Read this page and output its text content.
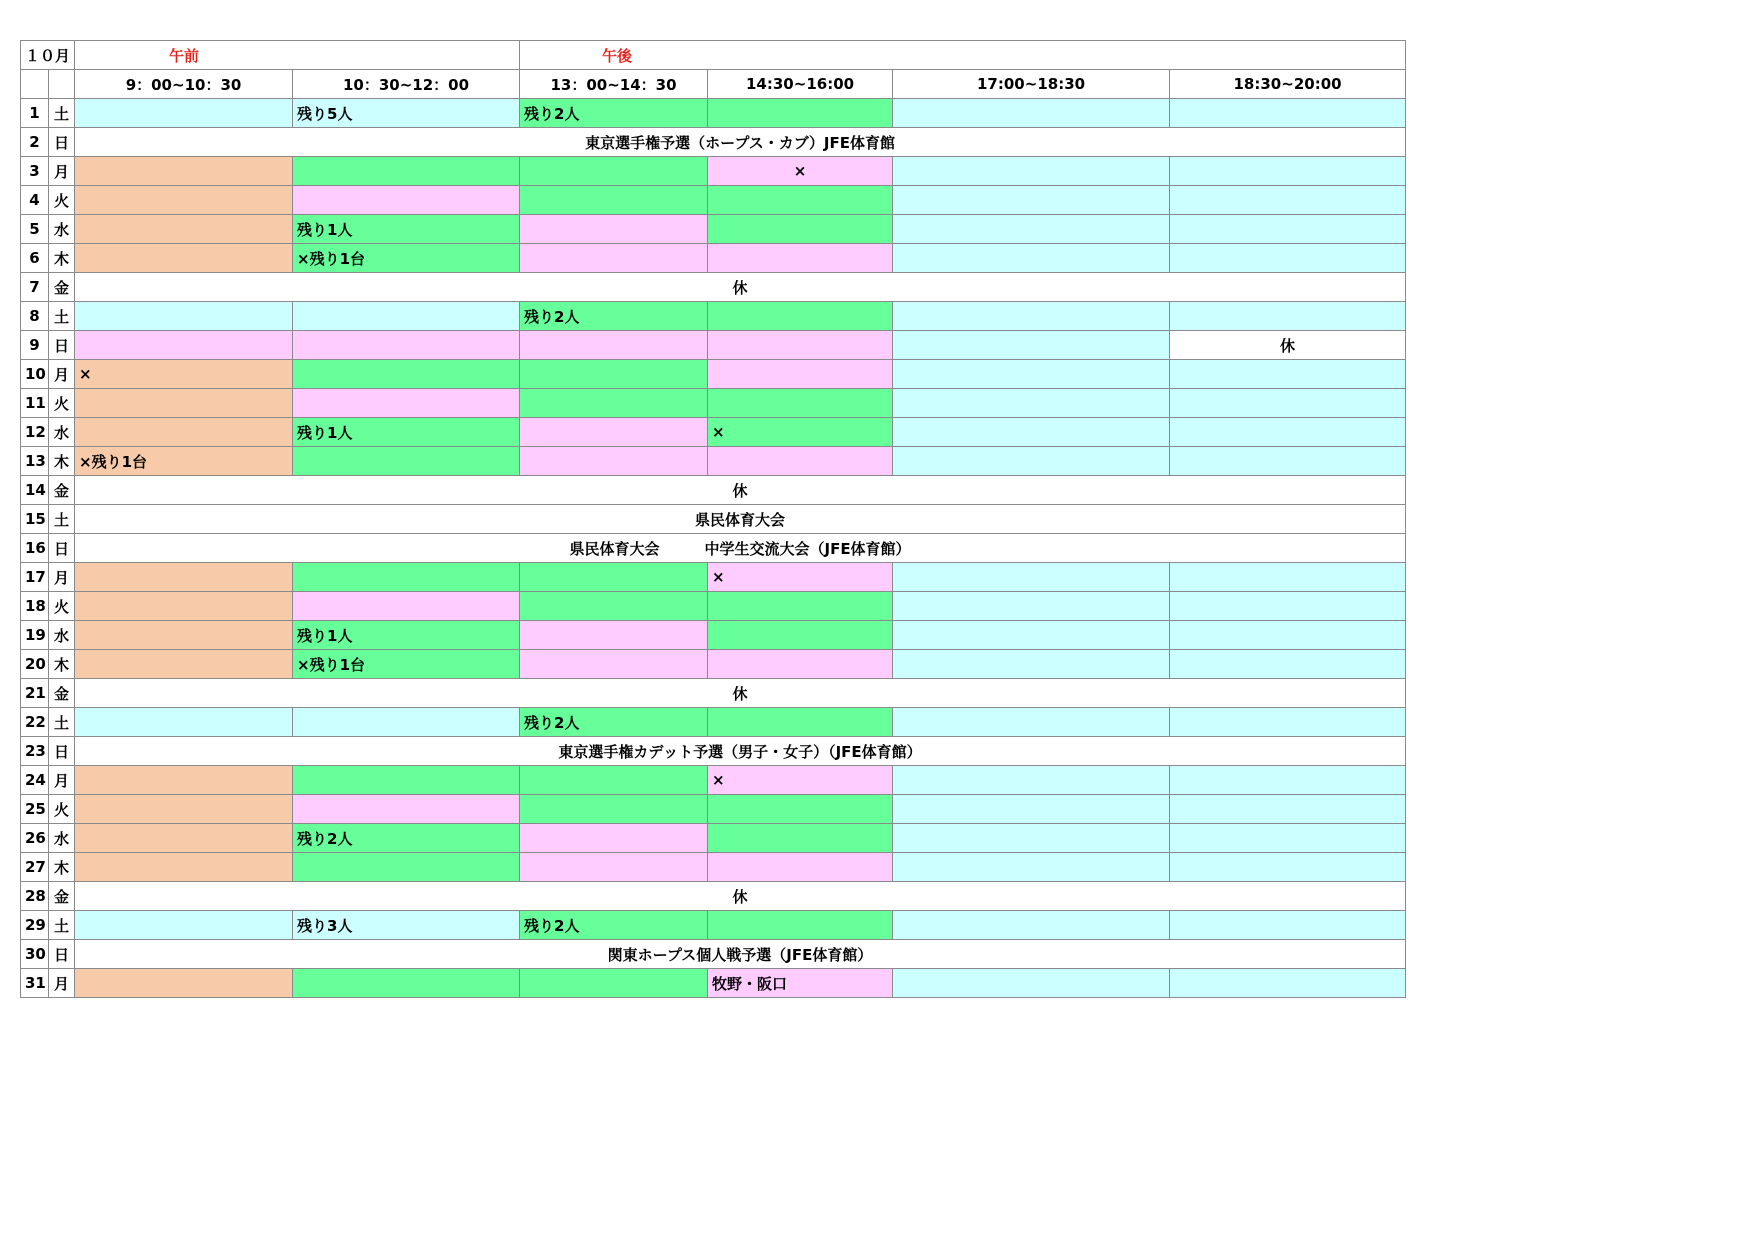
１０月		午前		午後			
		9：00~10：30	10：30~12：00	13：00~14：30	14:30~16:00	17:00~18:30	18:30~20:00
1	土		残り5人	残り2人			
2	日	東京選手権予選（ホープス・カブ）JFE体育館					
3	月				×		
4	火						
5	水		残り1人				
6	木		×残り1台				
7	金	休					
8	土			残り2人			
9	日						休
10	月	×					
11	火						
12	水		残り1人		×		
13	木	×残り1台					
14	金	休					
15	土	県民体育大会					
16	日	県民体育大会　　　中学生交流大会（JFE体育館）					
17	月				×		
18	火						
19	水		残り1人				
20	木		×残り1台				
21	金	休					
22	土			残り2人			
23	日	東京選手権カデット予選（男子・女子）（JFE体育館）					
24	月				×		
25	火						
26	水		残り2人				
27	木						
28	金	休					
29	土		残り3人	残り2人			
30	日	関東ホープス個人戦予選（JFE体育館）					
31	月				牧野・阪口		
